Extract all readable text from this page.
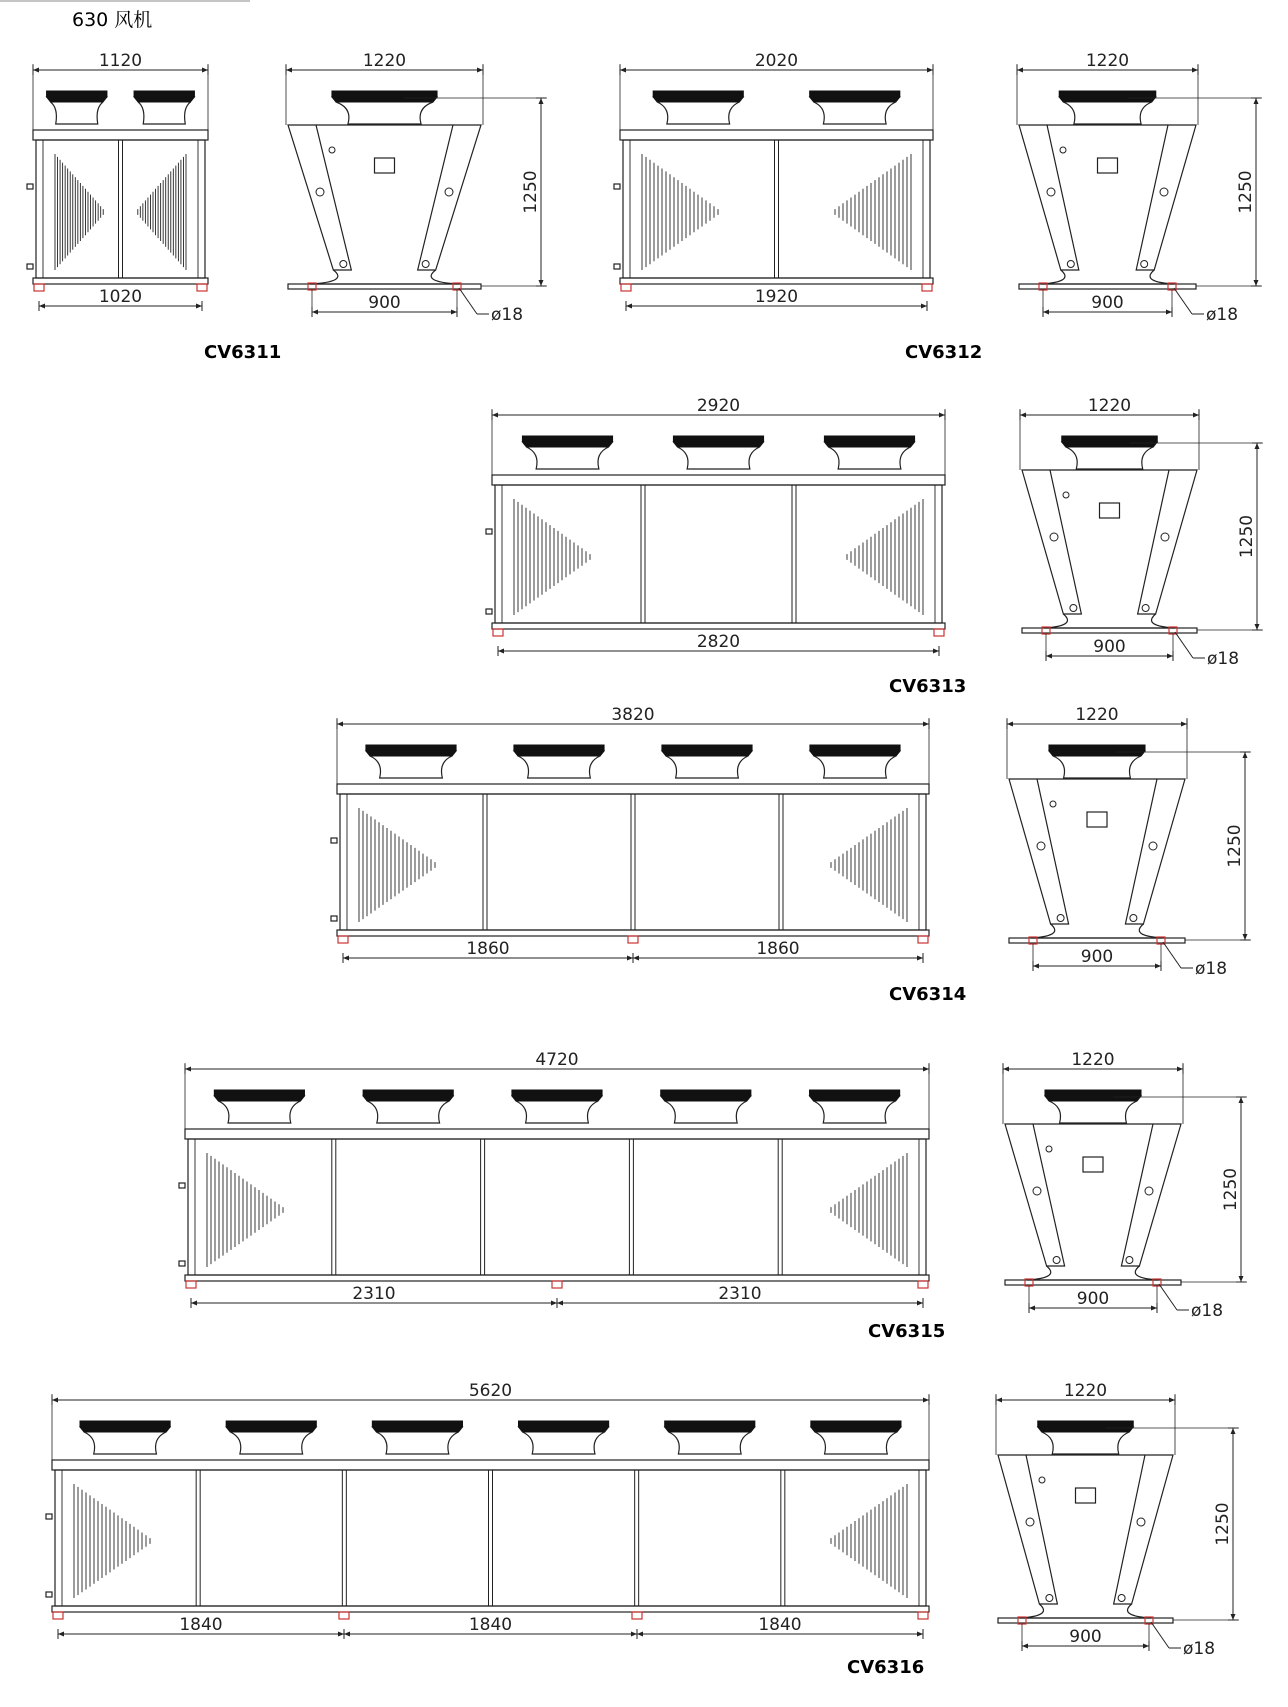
630 风机
1120
1020
1220
1250
900
ø18
CV6311
2020
1920
1220
1250
900
ø18
CV6312
2920
2820
1220
1250
900
ø18
CV6313
3820
1860	1860
1220
1250
900
ø18
CV6314
4720
2310	2310
1220
1250
900
ø18
CV6315
5620
1840	1840	1840
1220
1250
900
ø18
CV6316
